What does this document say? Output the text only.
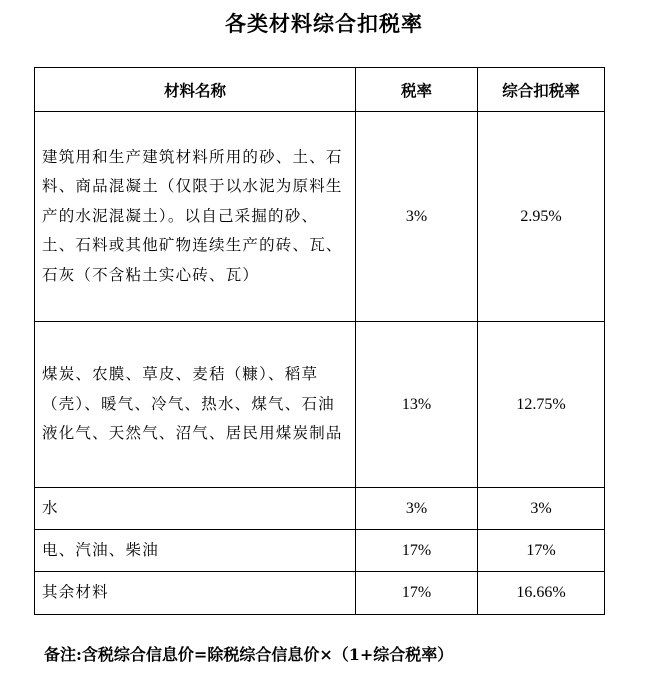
各类材料综合扣税率
材料名称	税率	综合扣税率
建筑用和生产建筑材料所用的砂、土、石料、商品混凝土（仅限于以水泥为原料生产的水泥混凝土）。以自己采掘的砂、土、石料或其他矿物连续生产的砖、瓦、石灰（不含粘土实心砖、瓦）	3%	2.95%
煤炭、农膜、草皮、麦秸（糠）、稻草（壳）、暖气、冷气、热水、煤气、石油液化气、天然气、沼气、居民用煤炭制品	13%	12.75%
水	3%	3%
电、汽油、柴油	17%	17%
其余材料	17%	16.66%
备注:含税综合信息价=除税综合信息价×（1+综合税率）
